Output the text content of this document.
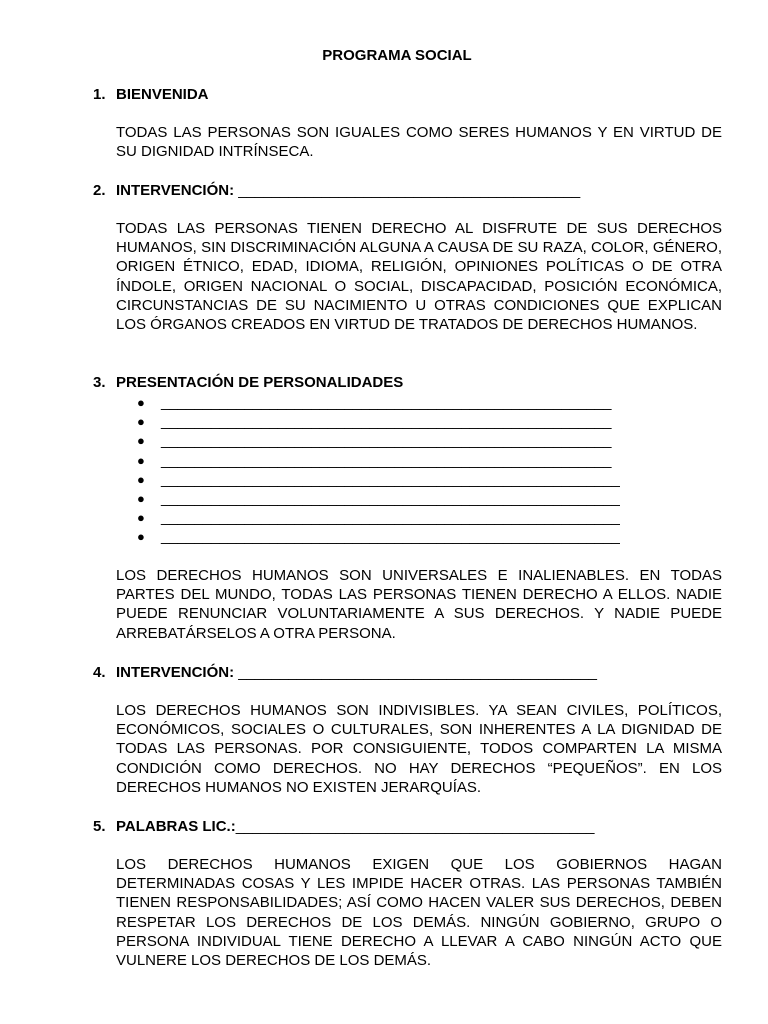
PROGRAMA SOCIAL
1. BIENVENIDA

TODAS LAS PERSONAS SON IGUALES COMO SERES HUMANOS Y EN VIRTUD DE SU DIGNIDAD INTRÍNSECA.

2. INTERVENCIÓN: _________________________________________

TODAS LAS PERSONAS TIENEN DERECHO AL DISFRUTE DE SUS DERECHOS HUMANOS, SIN DISCRIMINACIÓN ALGUNA A CAUSA DE SU RAZA, COLOR, GÉNERO, ORIGEN ÉTNICO, EDAD, IDIOMA, RELIGIÓN, OPINIONES POLÍTICAS O DE OTRA ÍNDOLE, ORIGEN NACIONAL O SOCIAL, DISCAPACIDAD, POSICIÓN ECONÓMICA, CIRCUNSTANCIAS DE SU NACIMIENTO U OTRAS CONDICIONES QUE EXPLICAN LOS ÓRGANOS CREADOS EN VIRTUD DE TRATADOS DE DERECHOS HUMANOS.

3. PRESENTACIÓN DE PERSONALIDADES
● ______________________________________________________
● ______________________________________________________
● ______________________________________________________
● ______________________________________________________
● _______________________________________________________
● _______________________________________________________
● _______________________________________________________
● _______________________________________________________

LOS DERECHOS HUMANOS SON UNIVERSALES E INALIENABLES. EN TODAS PARTES DEL MUNDO, TODAS LAS PERSONAS TIENEN DERECHO A ELLOS. NADIE PUEDE RENUNCIAR VOLUNTARIAMENTE A SUS DERECHOS. Y NADIE PUEDE ARREBATÁRSELOS A OTRA PERSONA.

4. INTERVENCIÓN: ___________________________________________

LOS DERECHOS HUMANOS SON INDIVISIBLES. YA SEAN CIVILES, POLÍTICOS, ECONÓMICOS, SOCIALES O CULTURALES, SON INHERENTES A LA DIGNIDAD DE TODAS LAS PERSONAS. POR CONSIGUIENTE, TODOS COMPARTEN LA MISMA CONDICIÓN COMO DERECHOS. NO HAY DERECHOS “PEQUEÑOS”. EN LOS DERECHOS HUMANOS NO EXISTEN JERARQUÍAS.

5. PALABRAS LIC.:___________________________________________

LOS DERECHOS HUMANOS EXIGEN QUE LOS GOBIERNOS HAGAN DETERMINADAS COSAS Y LES IMPIDE HACER OTRAS. LAS PERSONAS TAMBIÉN TIENEN RESPONSABILIDADES; ASÍ COMO HACEN VALER SUS DERECHOS, DEBEN RESPETAR LOS DERECHOS DE LOS DEMÁS. NINGÚN GOBIERNO, GRUPO O PERSONA INDIVIDUAL TIENE DERECHO A LLEVAR A CABO NINGÚN ACTO QUE VULNERE LOS DERECHOS DE LOS DEMÁS.
